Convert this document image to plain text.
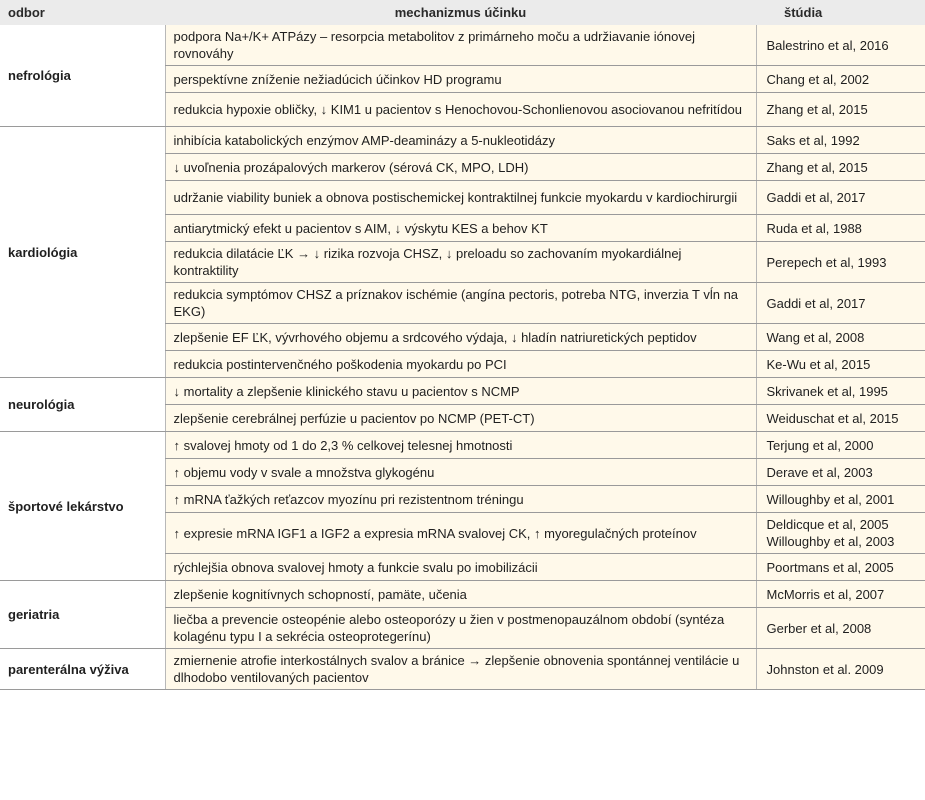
odbor	mechanizmus účinku	štúdia
nefrológia	podpora Na+/K+ ATPázy – resorpcia metabolitov z primárneho moču a udržiavanie iónovej rovnováhy	Balestrino et al, 2016
	perspektívne zníženie nežiadúcich účinkov HD programu	Chang et al, 2002
	redukcia hypoxie obličky, ↓ KIM1 u pacientov s Henochovou-Schonlienovou asociovanou nefritídou	Zhang et al, 2015
kardiológia	inhibícia katabolických enzýmov AMP-deaminázy a 5-nukleotidázy	Saks et al, 1992
	↓ uvoľnenia prozápalových markerov (sérová CK, MPO, LDH)	Zhang et al, 2015
	udržanie viability buniek a obnova postischemickej kontraktilnej funkcie myokardu v kardiochirurgii	Gaddi et al, 2017
	antiarytmický efekt u pacientov s AIM, ↓ výskytu KES a behov KT	Ruda et al, 1988
	redukcia dilatácie ĽK → ↓ rizika rozvoja CHSZ, ↓ preloadu so zachovaním myokardiálnej kontraktility	Perepech et al, 1993
	redukcia symptómov CHSZ a príznakov ischémie (angína pectoris, potreba NTG, inverzia T vĺn na EKG)	Gaddi et al, 2017
	zlepšenie EF ĽK, vývrhového objemu a srdcového výdaja, ↓ hladín natriuretických peptidov	Wang et al, 2008
	redukcia postintervenčného poškodenia myokardu po PCI	Ke-Wu et al, 2015
neurológia	↓ mortality a zlepšenie klinického stavu u pacientov s NCMP	Skrivanek et al, 1995
	zlepšenie cerebrálnej perfúzie u pacientov po NCMP (PET-CT)	Weiduschat et al, 2015
športové lekárstvo	↑ svalovej hmoty od 1 do 2,3 % celkovej telesnej hmotnosti	Terjung et al, 2000
	↑ objemu vody v svale a množstva glykogénu	Derave et al, 2003
	↑ mRNA ťažkých reťazcov myozínu pri rezistentnom tréningu	Willoughby et al, 2001
	↑ expresie mRNA IGF1 a IGF2 a expresia mRNA svalovej CK, ↑ myoregulačných proteínov	Deldicque et al, 2005 Willoughby et al, 2003
	rýchlejšia obnova svalovej hmoty a funkcie svalu po imobilizácii	Poortmans et al, 2005
geriatria	zlepšenie kognitívnych schopností, pamäte, učenia	McMorris et al, 2007
	liečba a prevencie osteopénie alebo osteoporózy u žien v postmenopauzálnom období (syntéza kolagénu typu I a sekrécia osteoprotegerínu)	Gerber et al, 2008
parenterálna výživa	zmiernenie atrofie interkostálnych svalov a bránice → zlepšenie obnovenia spontánnej ventilácie u dlhodobo ventilovaných pacientov	Johnston et al. 2009
